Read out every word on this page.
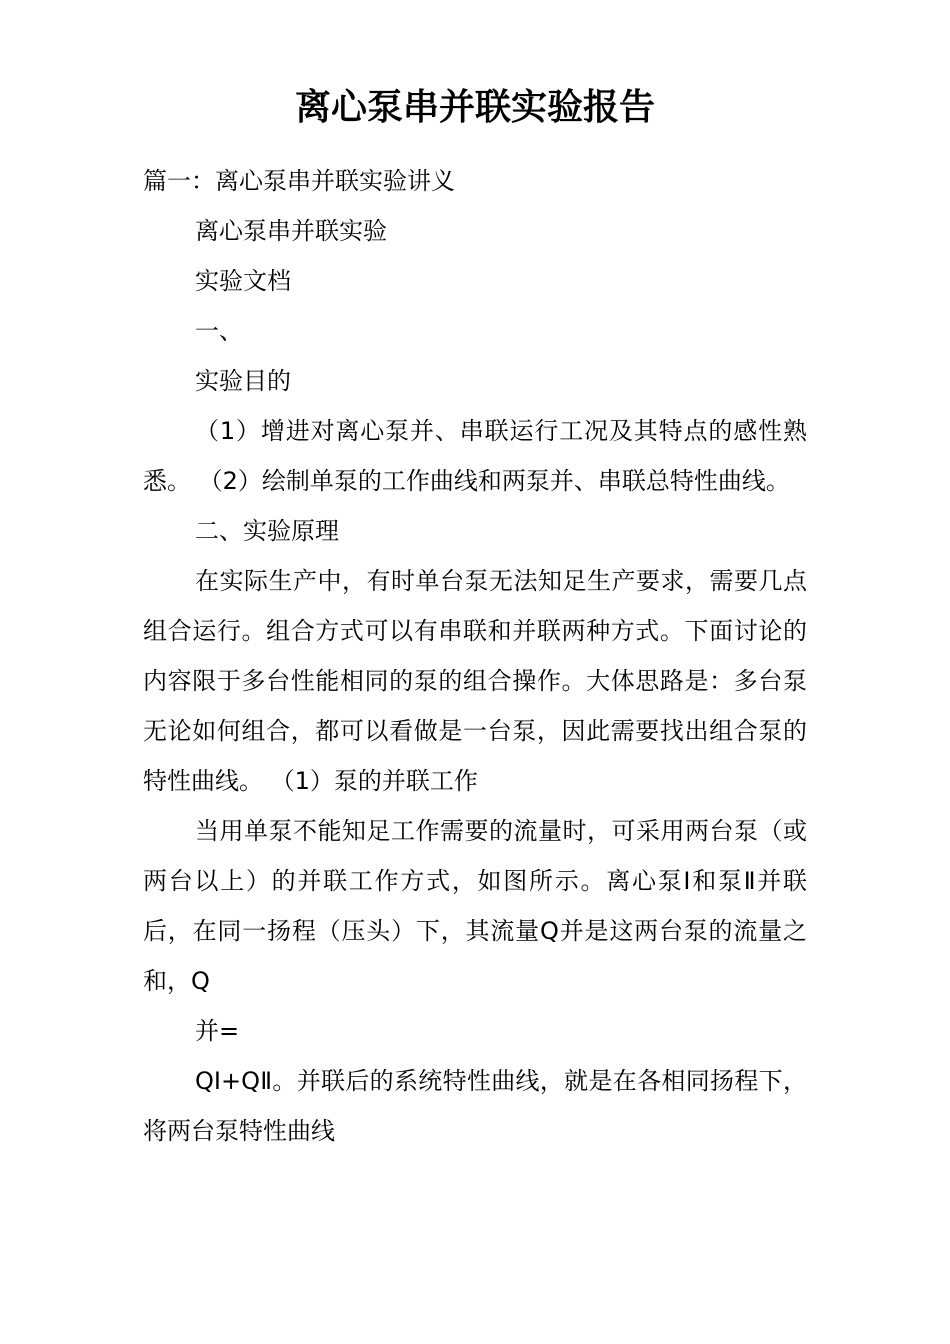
离心泵串并联实验报告

篇一：离心泵串并联实验讲义

离心泵串并联实验

实验文档

一、

实验目的

（1）增进对离心泵并、串联运行工况及其特点的感性熟悉。 （2）绘制单泵的工作曲线和两泵并、串联总特性曲线。

二、实验原理

在实际生产中，有时单台泵无法知足生产要求，需要几点组合运行。组合方式可以有串联和并联两种方式。下面讨论的内容限于多台性能相同的泵的组合操作。大体思路是：多台泵无论如何组合，都可以看做是一台泵，因此需要找出组合泵的特性曲线。 （1）泵的并联工作

当用单泵不能知足工作需要的流量时，可采用两台泵（或两台以上）的并联工作方式，如图所示。离心泵Ⅰ和泵Ⅱ并联后，在同一扬程（压头）下，其流量Q并是这两台泵的流量之和，Q

并=

QI+QⅡ。并联后的系统特性曲线，就是在各相同扬程下，将两台泵特性曲线
